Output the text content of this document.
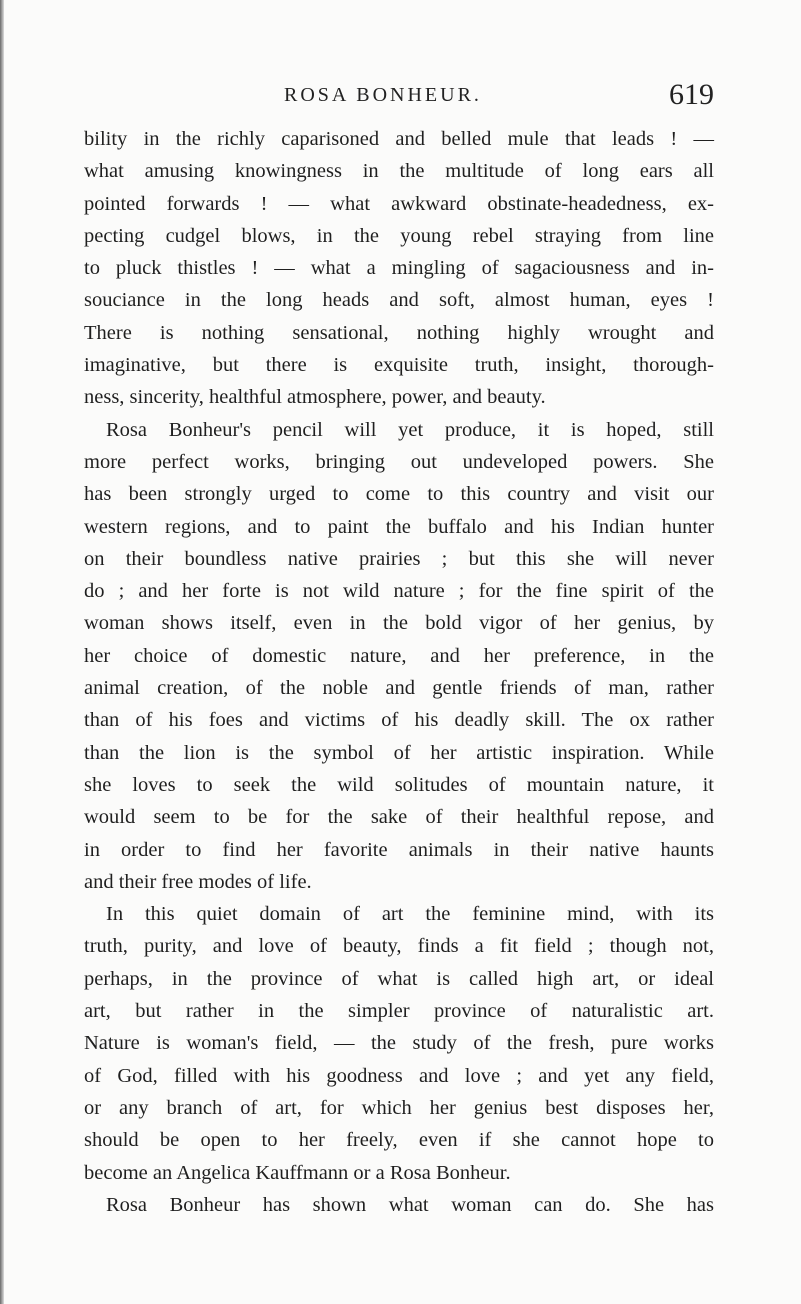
ROSA BONHEUR.	619
bility in the richly caparisoned and belled mule that leads ! —
what amusing knowingness in the multitude of long ears all
pointed forwards ! — what awkward obstinate-headedness, ex-
pecting cudgel blows, in the young rebel straying from line
to pluck thistles ! — what a mingling of sagaciousness and in-
souciance in the long heads and soft, almost human, eyes !
There is nothing sensational, nothing highly wrought and
imaginative, but there is exquisite truth, insight, thorough-
ness, sincerity, healthful atmosphere, power, and beauty.
Rosa Bonheur's pencil will yet produce, it is hoped, still
more perfect works, bringing out undeveloped powers. She
has been strongly urged to come to this country and visit our
western regions, and to paint the buffalo and his Indian hunter
on their boundless native prairies ; but this she will never
do ; and her forte is not wild nature ; for the fine spirit of the
woman shows itself, even in the bold vigor of her genius, by
her choice of domestic nature, and her preference, in the
animal creation, of the noble and gentle friends of man, rather
than of his foes and victims of his deadly skill. The ox rather
than the lion is the symbol of her artistic inspiration. While
she loves to seek the wild solitudes of mountain nature, it
would seem to be for the sake of their healthful repose, and
in order to find her favorite animals in their native haunts
and their free modes of life.
In this quiet domain of art the feminine mind, with its
truth, purity, and love of beauty, finds a fit field ; though not,
perhaps, in the province of what is called high art, or ideal
art, but rather in the simpler province of naturalistic art.
Nature is woman's field, — the study of the fresh, pure works
of God, filled with his goodness and love ; and yet any field,
or any branch of art, for which her genius best disposes her,
should be open to her freely, even if she cannot hope to
become an Angelica Kauffmann or a Rosa Bonheur.
Rosa Bonheur has shown what woman can do. She has
